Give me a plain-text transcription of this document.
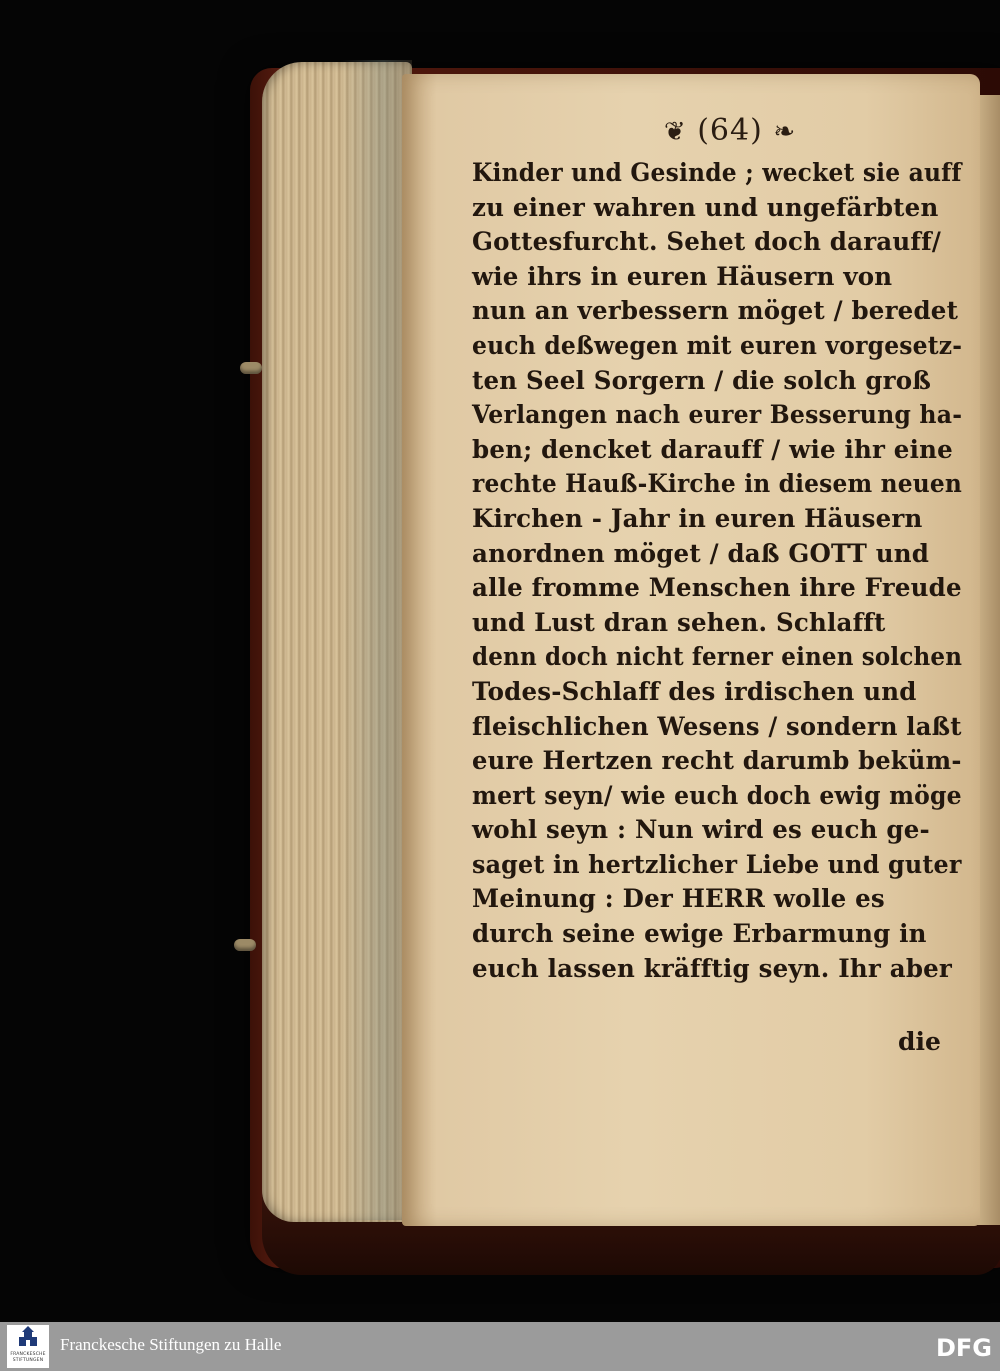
❦ (64) ❧
Kinder und Gesinde ; wecket sie auff
zu einer wahren und ungefärbten
Gottesfurcht. Sehet doch darauff/
wie ihrs in euren Häusern von
nun an verbessern möget / beredet
euch deßwegen mit euren vorgesetz-
ten Seel Sorgern / die solch groß
Verlangen nach eurer Besserung ha-
ben; dencket darauff / wie ihr eine
rechte Hauß-Kirche in diesem neuen
Kirchen - Jahr in euren Häusern
anordnen möget / daß GOTT und
alle fromme Menschen ihre Freude
und Lust dran sehen. Schlafft
denn doch nicht ferner einen solchen
Todes-Schlaff des irdischen und
fleischlichen Wesens / sondern laßt
eure Hertzen recht darumb beküm-
mert seyn/ wie euch doch ewig möge
wohl seyn : Nun wird es euch ge-
saget in hertzlicher Liebe und guter
Meinung : Der HERR wolle es
durch seine ewige Erbarmung in
euch lassen kräfftig seyn. Ihr aber
die
FRANCKESCHE
STIFTUNGEN
Franckesche Stiftungen zu Halle	DFG
